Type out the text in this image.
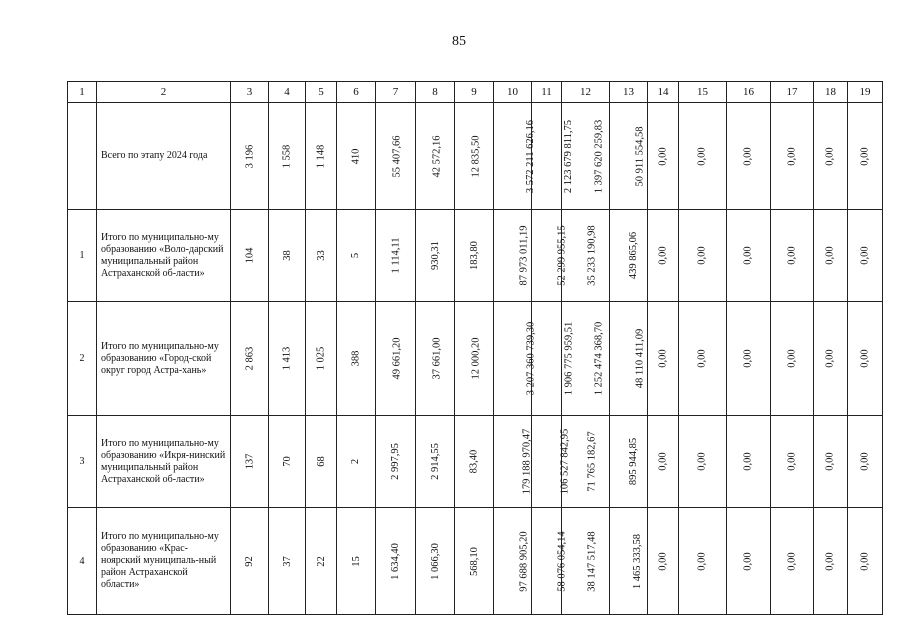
85
1	2	3	4	5	6	7	8	9	10	11	12	13	14	15	16	17	18	19
	Всего по этапу 2024 года	3 196	1 558	1 148	410	55 407,66	42 572,16	12 835,50	3 572 211 626,16	2 123 679 811,75	1 397 620 259,83	50 911 554,58	0,00	0,00	0,00	0,00	0,00	0,00
1	Итого по муниципально-му образованию «Воло-дарский муниципальный район Астраханской об-ласти»	104	38	33	5	1 114,11	930,31	183,80	87 973 011,19	52 299 955,15	35 233 190,98	439 865,06	0,00	0,00	0,00	0,00	0,00	0,00
2	Итого по муниципально-му образованию «Город-ской округ город Астра-хань»	2 863	1 413	1 025	388	49 661,20	37 661,00	12 000,20	3 207 360 739,30	1 906 775 959,51	1 252 474 368,70	48 110 411,09	0,00	0,00	0,00	0,00	0,00	0,00
3	Итого по муниципально-му образованию «Икря-нинский муниципальный район Астраханской об-ласти»	137	70	68	2	2 997,95	2 914,55	83,40	179 188 970,47	106 527 842,95	71 765 182,67	895 944,85	0,00	0,00	0,00	0,00	0,00	0,00
4	Итого по муниципально-му образованию «Крас-ноярский муниципаль-ный район Астраханской области»	92	37	22	15	1 634,40	1 066,30	568,10	97 688 905,20	58 076 054,14	38 147 517,48	1 465 333,58	0,00	0,00	0,00	0,00	0,00	0,00
